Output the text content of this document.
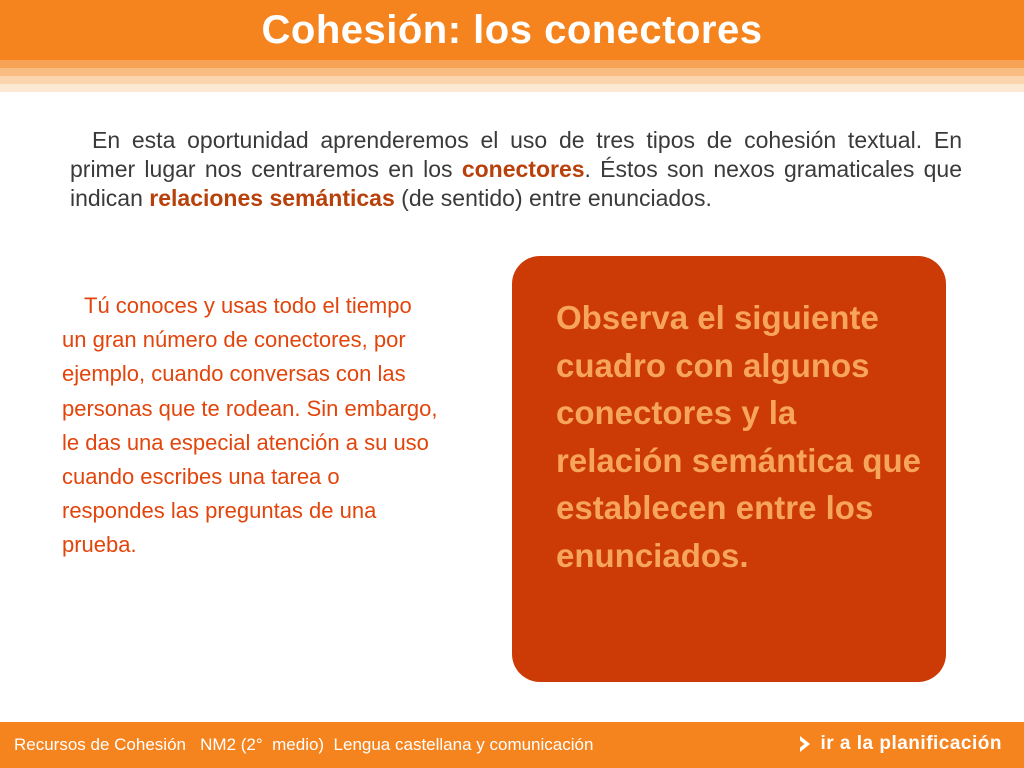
Cohesión: los conectores

En esta oportunidad aprenderemos el uso de tres tipos de cohesión textual. En primer lugar nos centraremos en los conectores. Éstos son nexos gramaticales que indican relaciones semánticas (de sentido) entre enunciados.

Tú conoces y usas todo el tiempo un gran número de conectores, por ejemplo, cuando conversas con las personas que te rodean. Sin embargo, le das una especial atención a su uso cuando escribes una tarea o respondes las preguntas de una prueba.

Observa el siguiente cuadro con algunos conectores y la relación semántica que establecen entre los enunciados.

Recursos de Cohesión   NM2 (2°  medio)  Lengua castellana y comunicación	ir a la planificación
